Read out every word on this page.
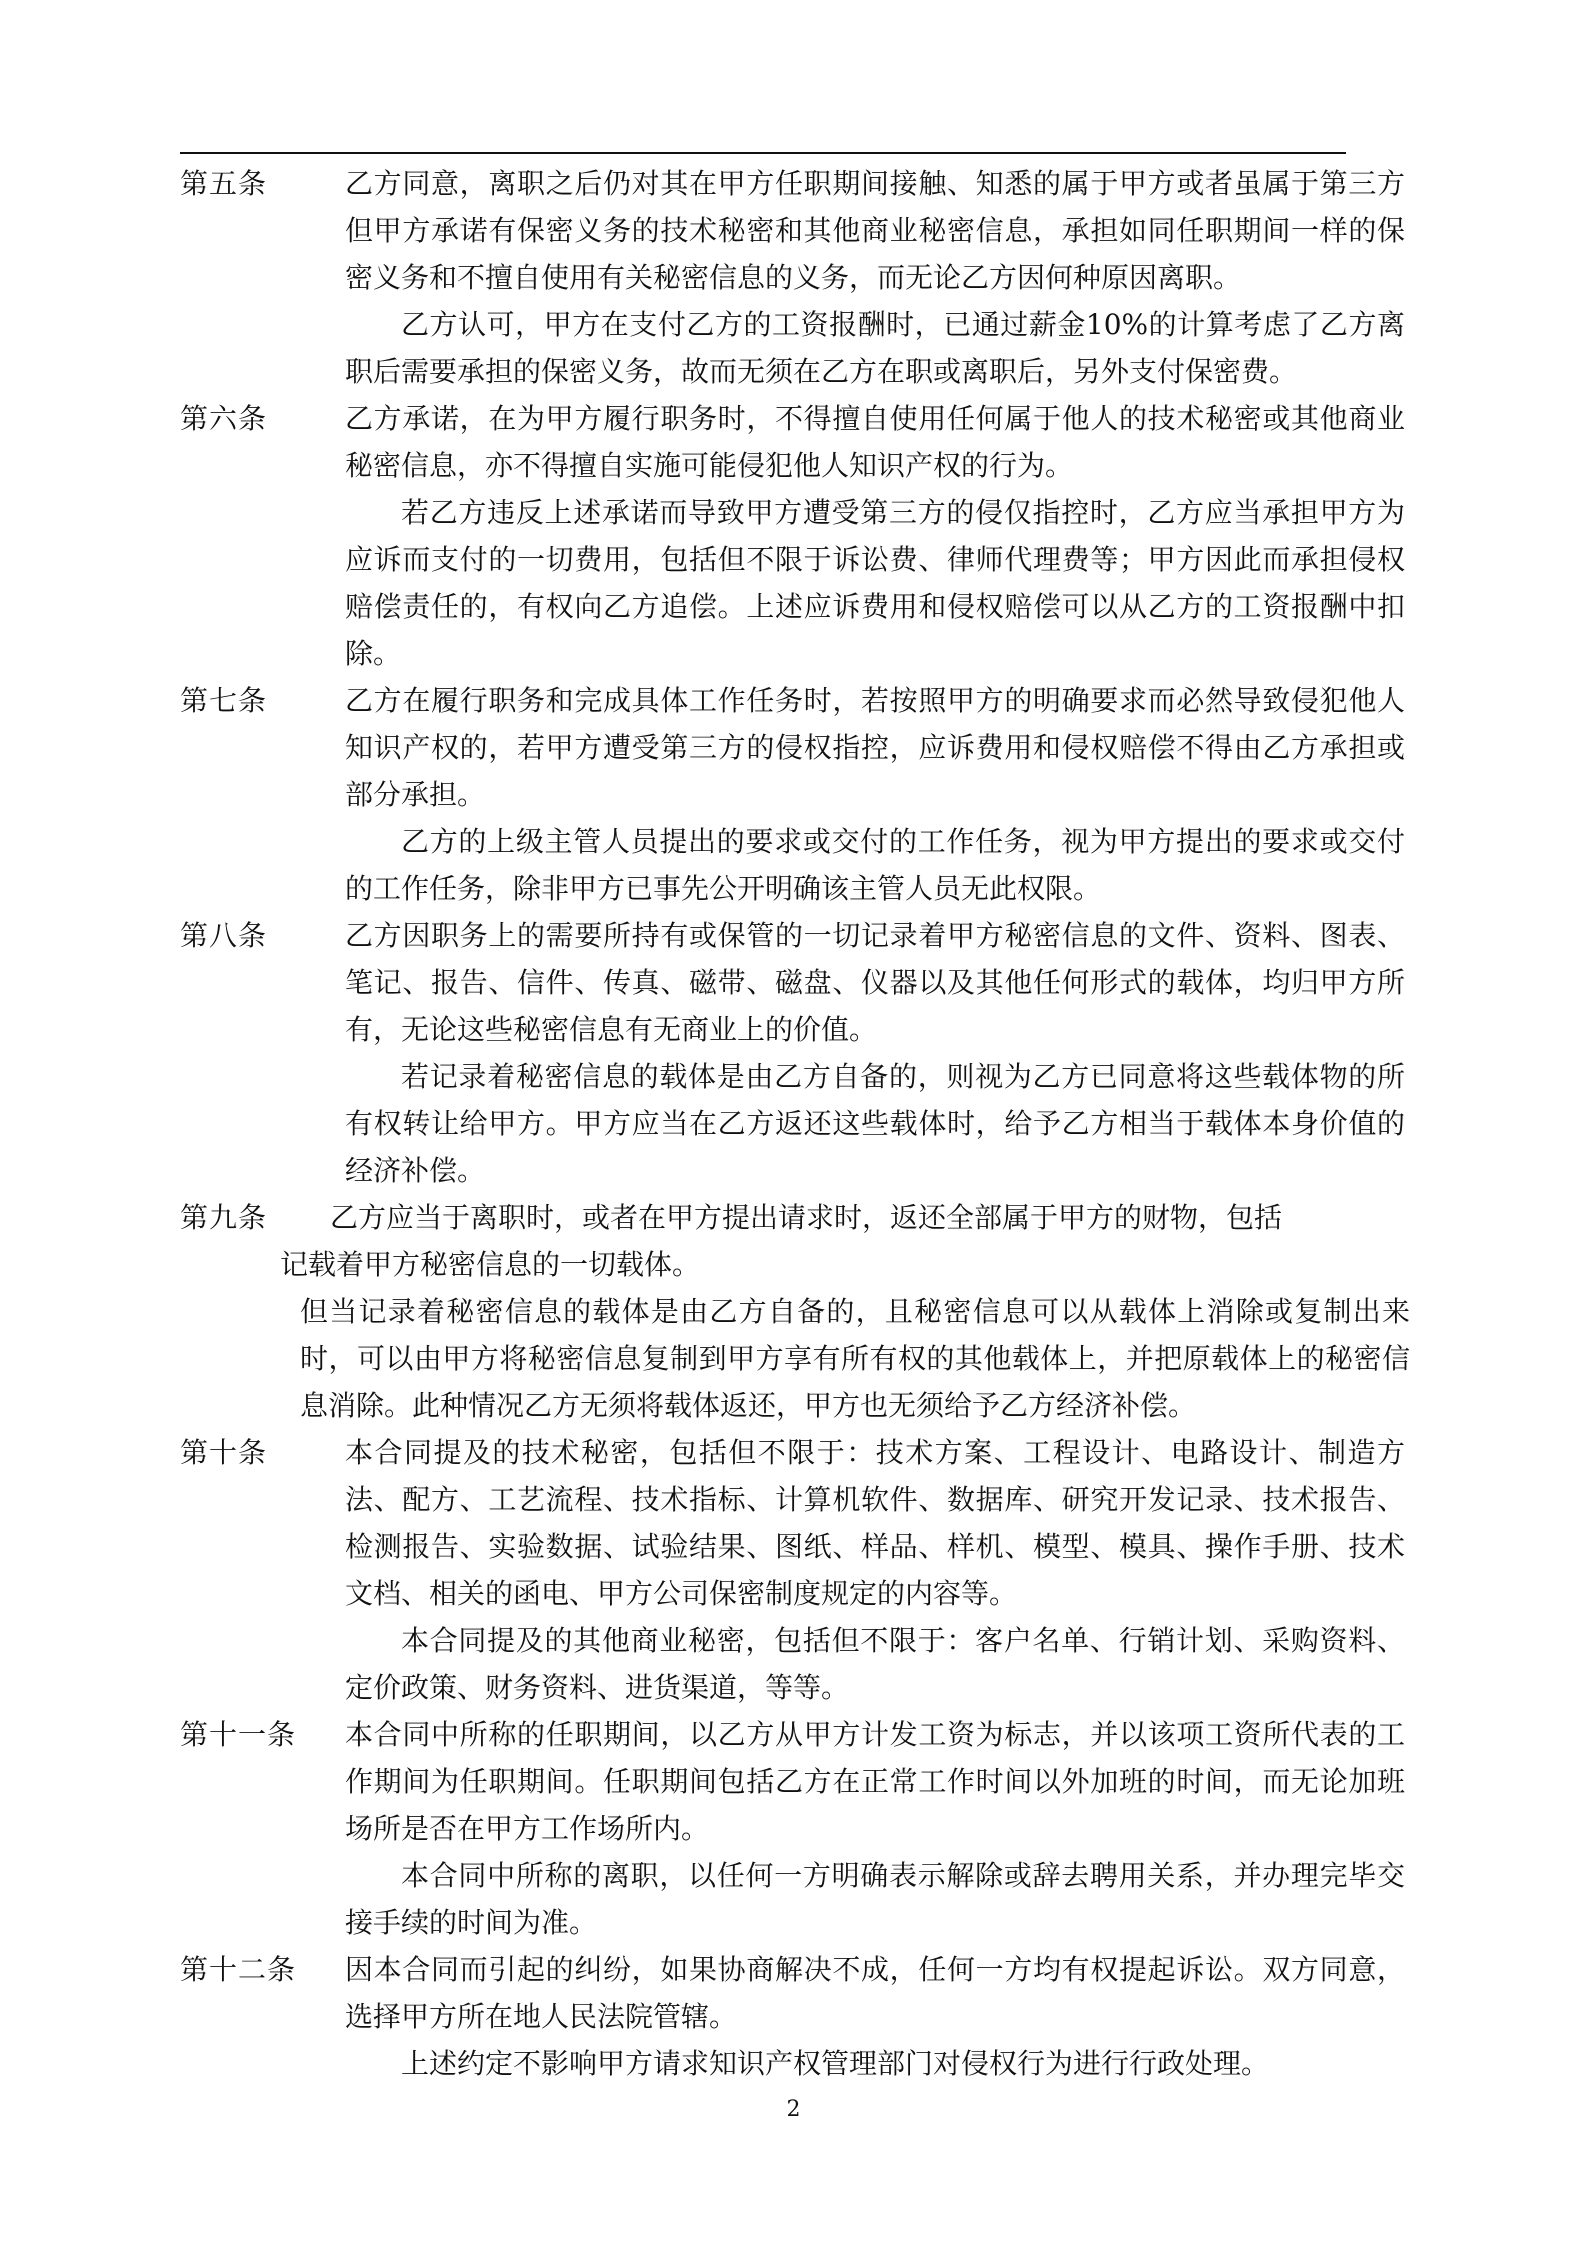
第五条	乙方同意，离职之后仍对其在甲方任职期间接触、知悉的属于甲方或者虽属于第三方但甲方承诺有保密义务的技术秘密和其他商业秘密信息，承担如同任职期间一样的保密义务和不擅自使用有关秘密信息的义务，而无论乙方因何种原因离职。

乙方认可，甲方在支付乙方的工资报酬时，已通过薪金10%的计算考虑了乙方离职后需要承担的保密义务，故而无须在乙方在职或离职后，另外支付保密费。

第六条	乙方承诺，在为甲方履行职务时，不得擅自使用任何属于他人的技术秘密或其他商业秘密信息，亦不得擅自实施可能侵犯他人知识产权的行为。

若乙方违反上述承诺而导致甲方遭受第三方的侵仅指控时，乙方应当承担甲方为应诉而支付的一切费用，包括但不限于诉讼费、律师代理费等；甲方因此而承担侵权赔偿责任的，有权向乙方追偿。上述应诉费用和侵权赔偿可以从乙方的工资报酬中扣除。

第七条	乙方在履行职务和完成具体工作任务时，若按照甲方的明确要求而必然导致侵犯他人知识产权的，若甲方遭受第三方的侵权指控，应诉费用和侵权赔偿不得由乙方承担或部分承担。

乙方的上级主管人员提出的要求或交付的工作任务，视为甲方提出的要求或交付的工作任务，除非甲方已事先公开明确该主管人员无此权限。

第八条	乙方因职务上的需要所持有或保管的一切记录着甲方秘密信息的文件、资料、图表、笔记、报告、信件、传真、磁带、磁盘、仪器以及其他任何形式的载体，均归甲方所有，无论这些秘密信息有无商业上的价值。

若记录着秘密信息的载体是由乙方自备的，则视为乙方已同意将这些载体物的所有权转让给甲方。甲方应当在乙方返还这些载体时，给予乙方相当于载体本身价值的经济补偿。

第九条	乙方应当于离职时，或者在甲方提出请求时，返还全部属于甲方的财物，包括

记载着甲方秘密信息的一切载体。

但当记录着秘密信息的载体是由乙方自备的，且秘密信息可以从载体上消除或复制出来时，可以由甲方将秘密信息复制到甲方享有所有权的其他载体上，并把原载体上的秘密信息消除。此种情况乙方无须将载体返还，甲方也无须给予乙方经济补偿。

第十条	本合同提及的技术秘密，包括但不限于：技术方案、工程设计、电路设计、制造方法、配方、工艺流程、技术指标、计算机软件、数据库、研究开发记录、技术报告、检测报告、实验数据、试验结果、图纸、样品、样机、模型、模具、操作手册、技术文档、相关的函电、甲方公司保密制度规定的内容等。

本合同提及的其他商业秘密，包括但不限于：客户名单、行销计划、采购资料、定价政策、财务资料、进货渠道，等等。

第十一条	本合同中所称的任职期间，以乙方从甲方计发工资为标志，并以该项工资所代表的工作期间为任职期间。任职期间包括乙方在正常工作时间以外加班的时间，而无论加班场所是否在甲方工作场所内。

本合同中所称的离职，以任何一方明确表示解除或辞去聘用关系，并办理完毕交接手续的时间为准。

第十二条	因本合同而引起的纠纷，如果协商解决不成，任何一方均有权提起诉讼。双方同意，选择甲方所在地人民法院管辖。

上述约定不影响甲方请求知识产权管理部门对侵权行为进行行政处理。

2
